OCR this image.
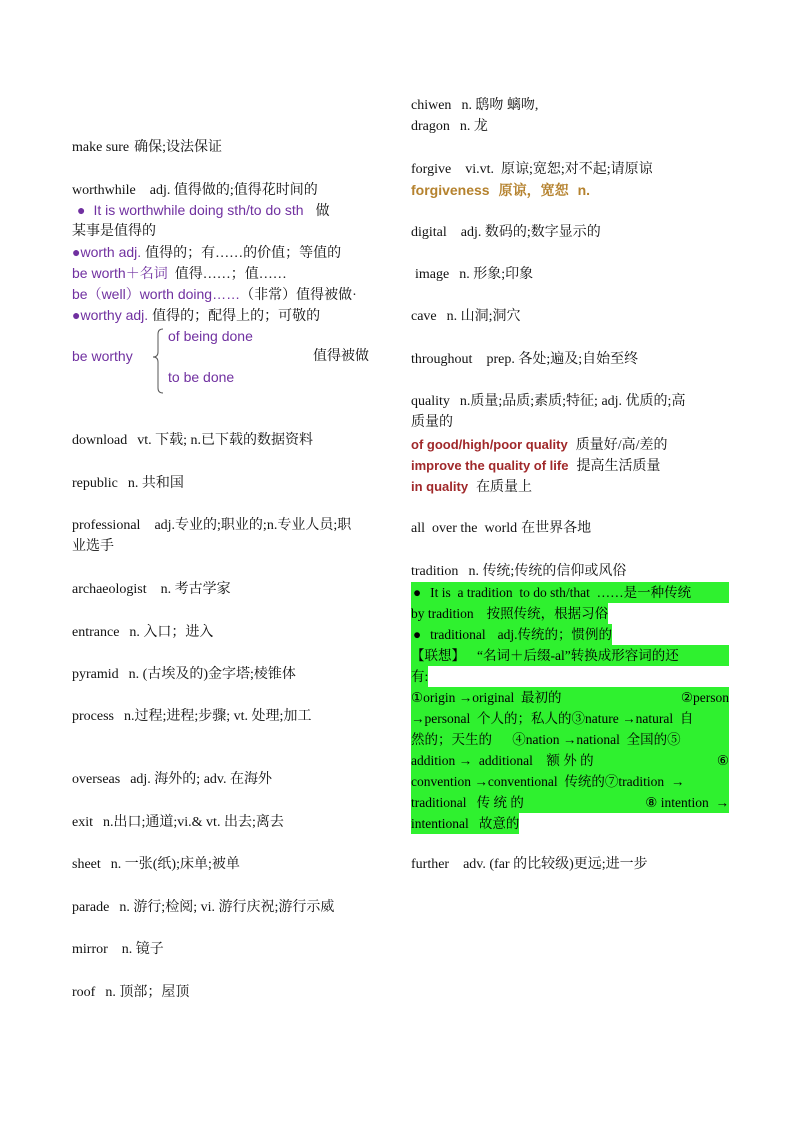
make sure 确保;设法保证
worthwhile adj. 值得做的;值得花时间的
● It is worthwhile doing sth/to do sth 做
某事是值得的
●worth adj. 值得的；有……的价值；等值的
be worth＋名词 值得……；值……
be（well）worth doing……（非常）值得被做·
●worthy adj. 值得的；配得上的；可敬的
of being done
be worthy	值得被做
to be done
download vt. 下载; n.已下载的数据资料
republic n. 共和国
professional adj.专业的;职业的;n.专业人员;职
业选手
archaeologist n. 考古学家
entrance n. 入口；进入
pyramid n. (古埃及的)金字塔;棱锥体
process n.过程;进程;步骤; vt. 处理;加工
overseas adj. 海外的; adv. 在海外
exit n.出口;通道;vi.& vt. 出去;离去
sheet n. 一张(纸);床单;被单
parade n. 游行;检阅; vi. 游行庆祝;游行示威
mirror n. 镜子
roof n. 顶部；屋顶
chiwen n. 鸱吻 螭吻,
dragon n. 龙
forgive vi.vt.  原谅;宽恕;对不起;请原谅
forgiveness 原谅，宽恕 n.
digital adj. 数码的;数字显示的
image n. 形象;印象
cave n. 山洞;洞穴
throughout prep. 各处;遍及;自始至终
quality n.质量;品质;素质;特征; adj. 优质的;高
质量的
of good/high/poor quality 质量好/高/差的
improve the quality of life 提高生活质量
in quality 在质量上
all  over the  world 在世界各地
tradition n. 传统;传统的信仰或风俗
● It is  a tradition  to do sth/that  ……是一种传统
by tradition 按照传统，根据习俗
● traditional adj.传统的；惯例的
【联想】 “名词＋后缀-al”转换成形容词的还
有:
①origin →original  最初的	②person
→personal  个人的；私人的③nature →natural  自
然的；天生的      ④nation →national  全国的⑤
addition →  additional    额 外 的	⑥
convention →conventional  传统的⑦tradition  →
traditional   传 统 的	⑧ intention  →
intentional   故意的
further adv. (far 的比较级)更远;进一步
